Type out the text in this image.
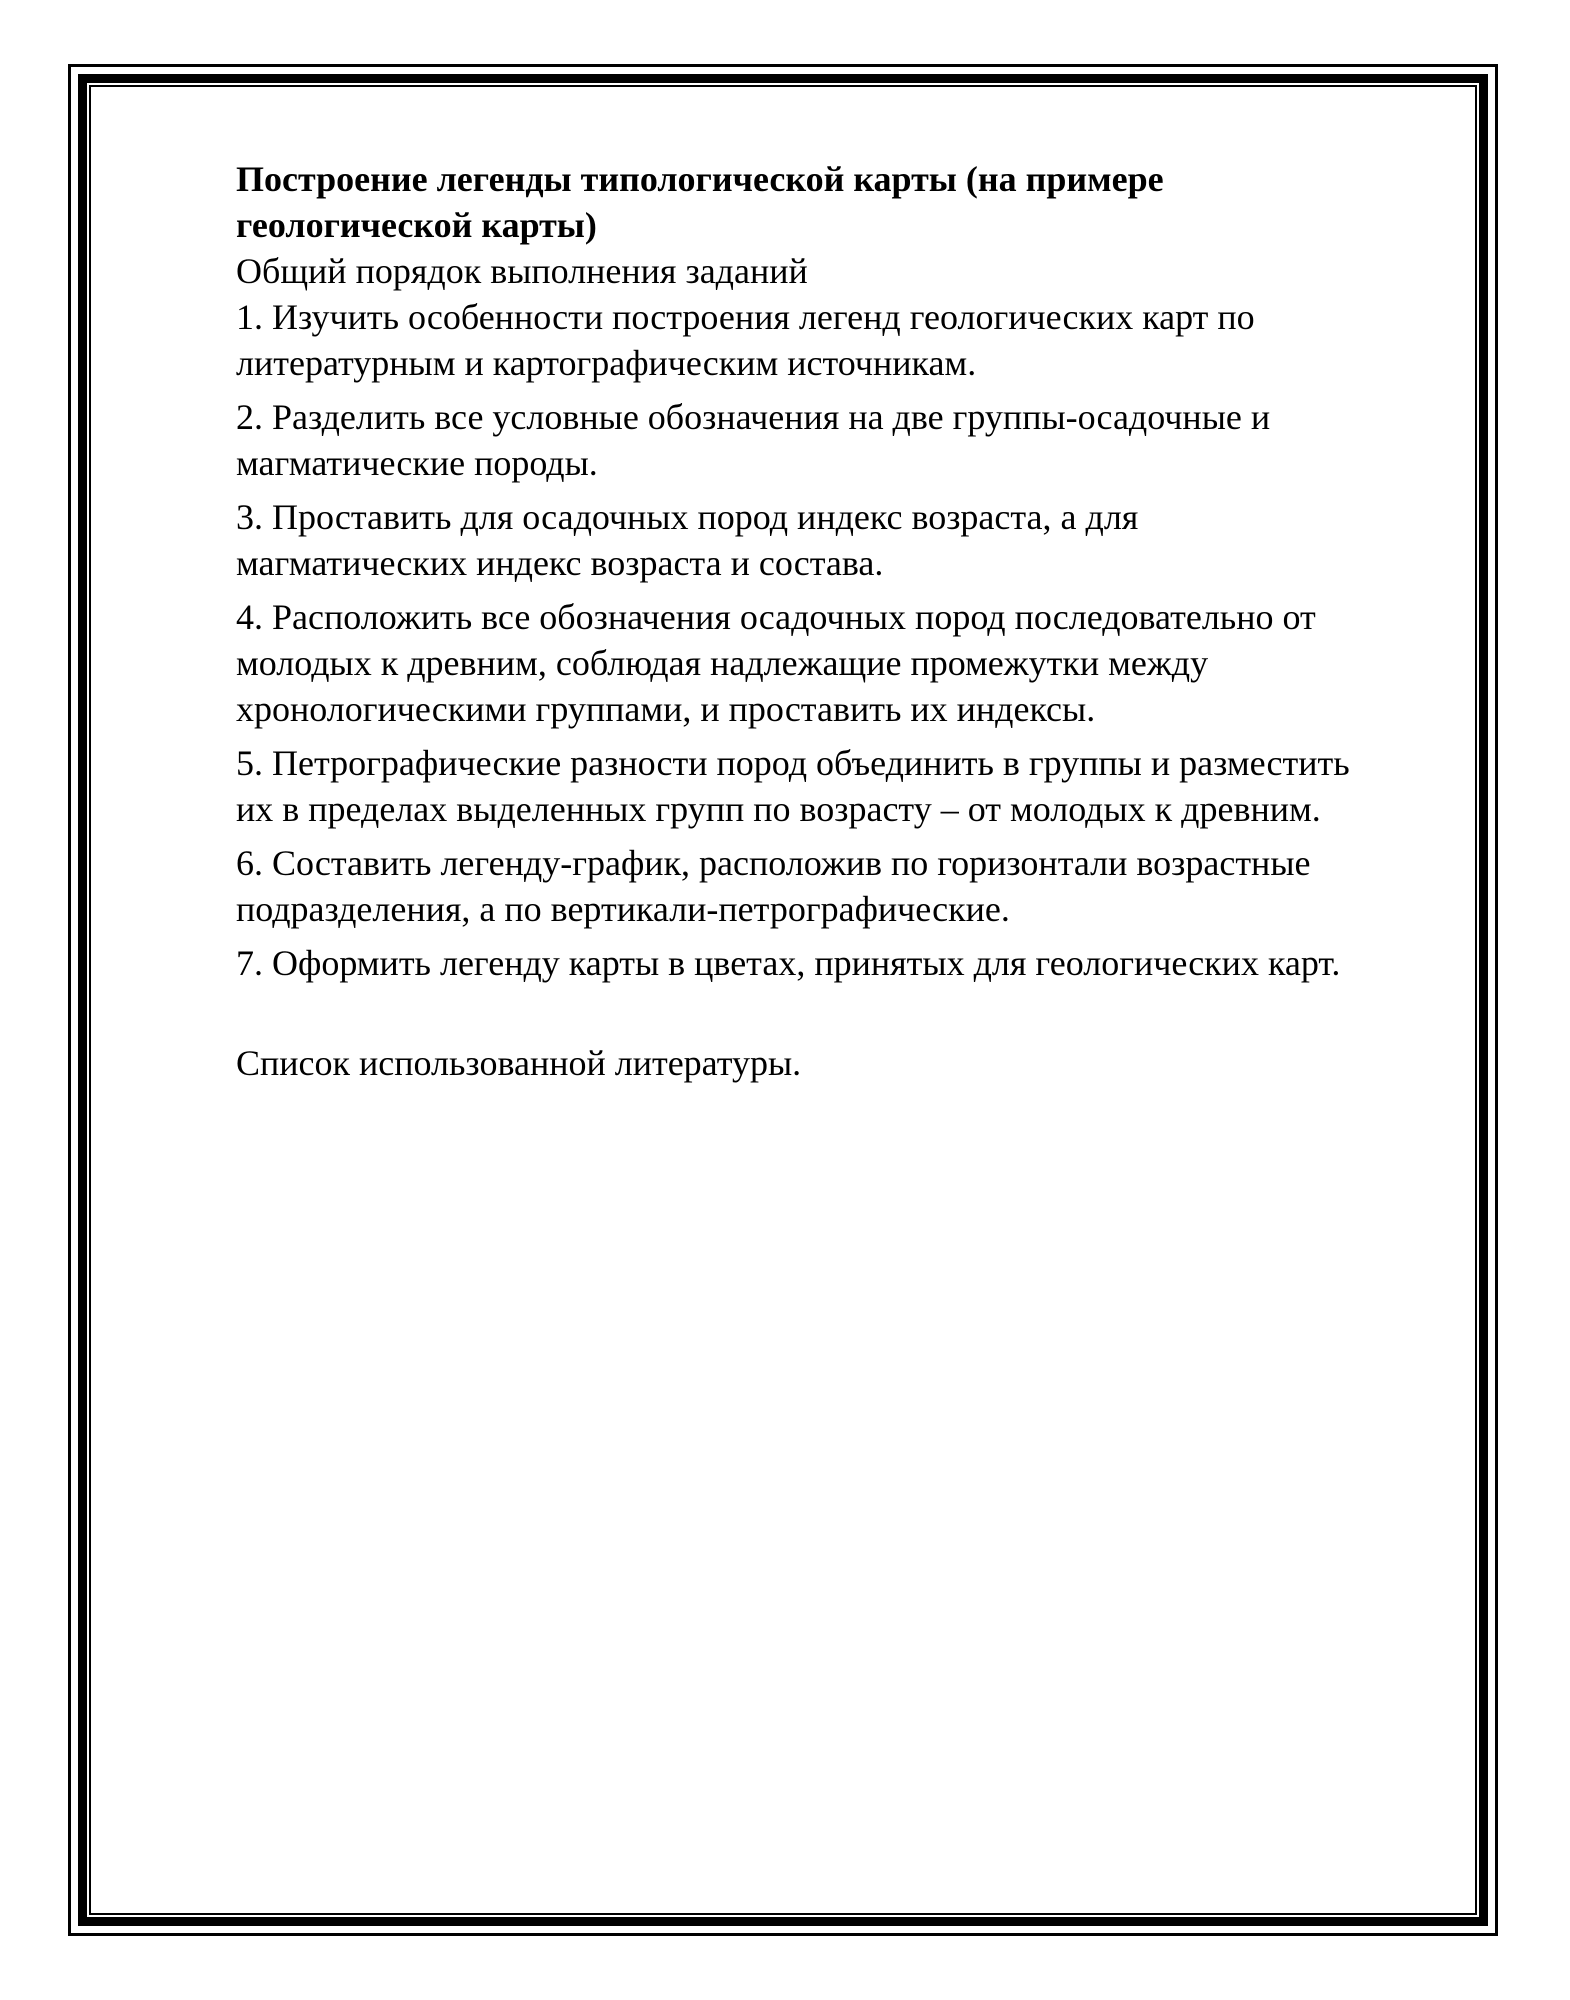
Построение легенды типологической карты (на примере
геологической карты)

Общий порядок выполнения заданий

1. Изучить особенности построения легенд геологических карт по
литературным и картографическим источникам.

2. Разделить все условные обозначения на две группы-осадочные и
магматические породы.

3. Проставить для осадочных пород индекс возраста, а для
магматических индекс возраста и состава.

4. Расположить все обозначения осадочных пород последовательно от
молодых к древним, соблюдая надлежащие промежутки между
хронологическими группами, и проставить их индексы.

5. Петрографические разности пород объединить в группы и разместить
их в пределах выделенных групп по возрасту – от молодых к древним.

6. Составить легенду-график, расположив по горизонтали возрастные
подразделения, а по вертикали-петрографические.

7. Оформить легенду карты в цветах, принятых для геологических карт.

Список использованной литературы.
